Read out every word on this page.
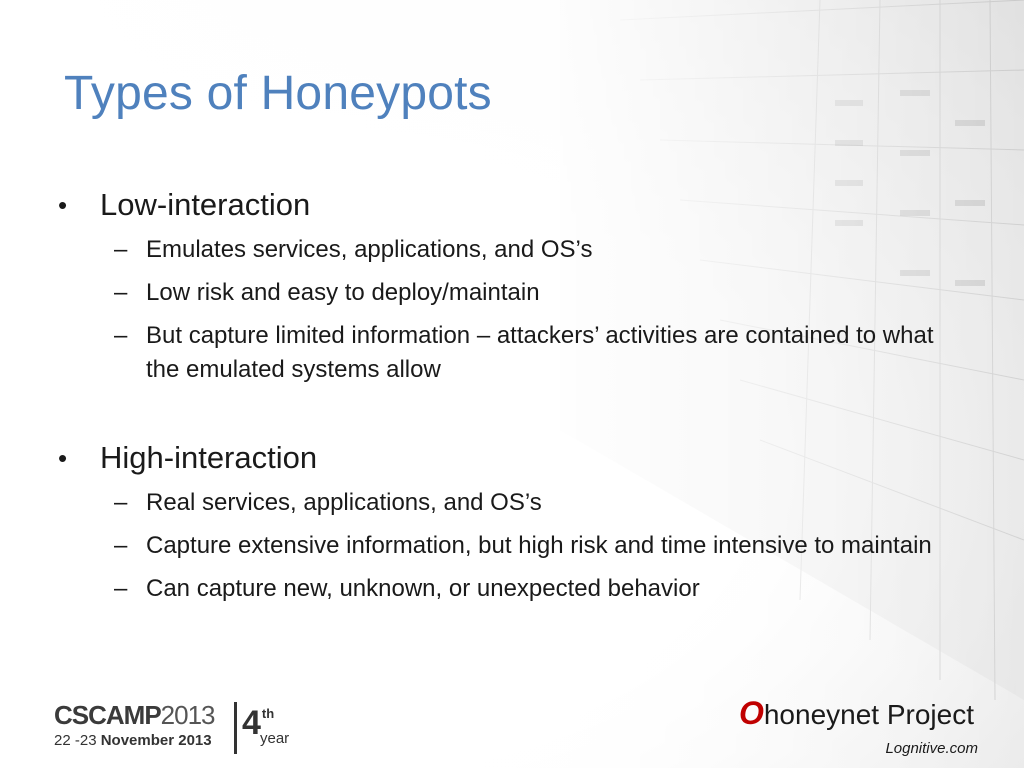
Types of Honeypots
• Low-interaction
– Emulates services, applications, and OS’s
– Low risk and easy to deploy/maintain
– But capture limited information – attackers’ activities are contained to what the emulated systems allow
• High-interaction
– Real services, applications, and OS’s
– Capture extensive information, but high risk and time intensive to maintain
– Can capture new, unknown, or unexpected behavior
CSCAMP2013
22 -23 November 2013 4th
year
Ohoneynet Project
Lognitive.com
